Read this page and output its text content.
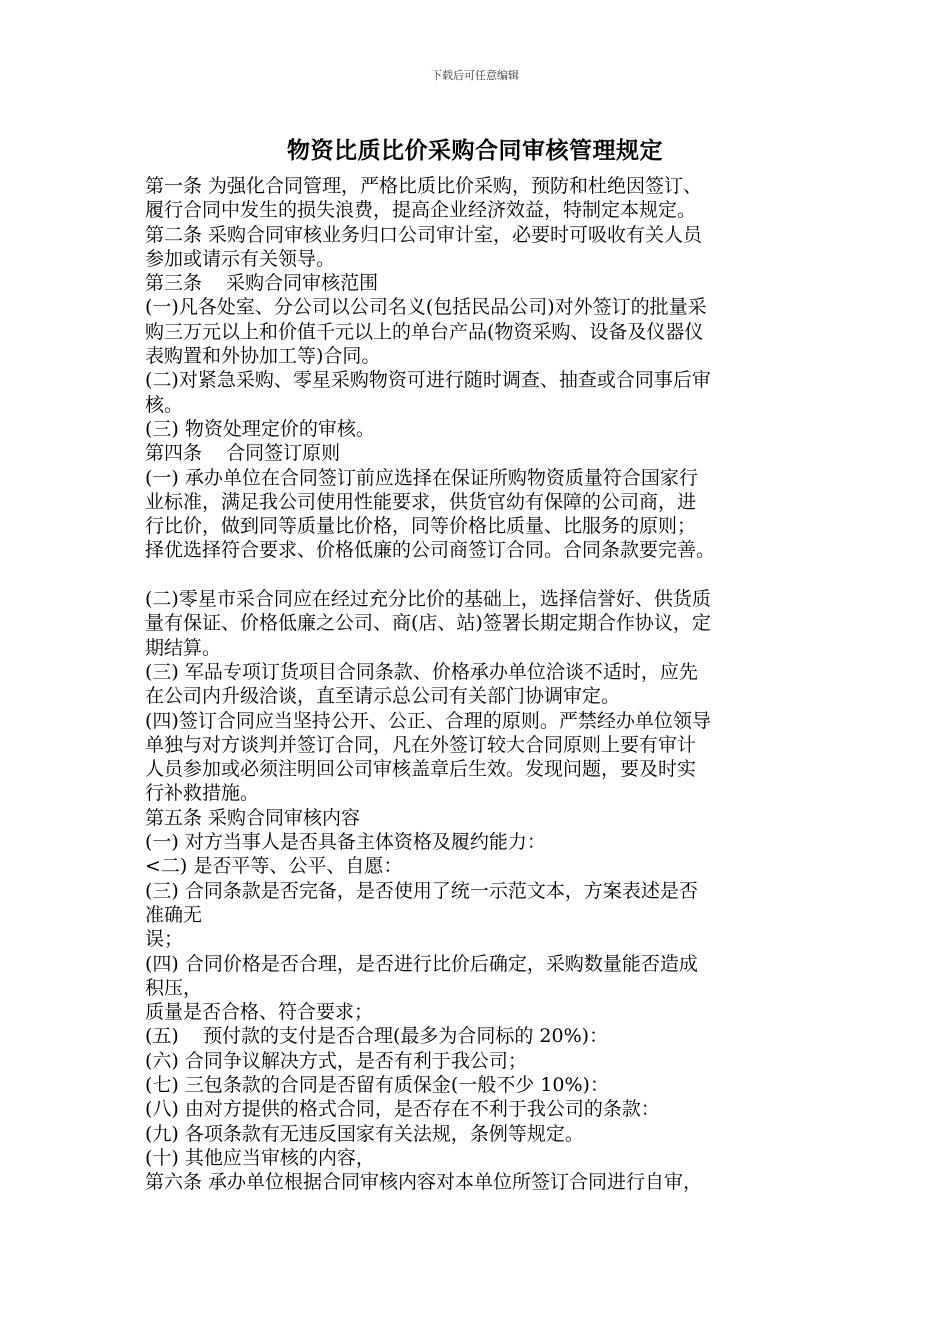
下载后可任意编辑
物资比质比价采购合同审核管理规定
第一条 为强化合同管理，严格比质比价采购，预防和杜绝因签订、
履行合同中发生的损失浪费，提高企业经济效益，特制定本规定。
第二条 采购合同审核业务归口公司审计室，必要时可吸收有关人员
参加或请示有关领导。
第三条    采购合同审核范围
(一)凡各处室、分公司以公司名义(包括民品公司)对外签订的批量采
购三万元以上和价值千元以上的单台产品(物资采购、设备及仪器仪
表购置和外协加工等)合同。
(二)对紧急采购、零星采购物资可进行随时调查、抽查或合同事后审
核。
(三) 物资处理定价的审核。
第四条    合同签订原则
(一) 承办单位在合同签订前应选择在保证所购物资质量符合国家行
业标准，满足我公司使用性能要求，供货官幼有保障的公司商，进
行比价，做到同等质量比价格，同等价格比质量、比服务的原则；
择优选择符合要求、价格低廉的公司商签订合同。合同条款要完善。
(二)零星市采合同应在经过充分比价的基础上，选择信誉好、供货质
量有保证、价格低廉之公司、商(店、站)签署长期定期合作协议，定
期结算。
(三) 军品专项订货项目合同条款、价格承办单位洽谈不适时，应先
在公司内升级洽谈，直至请示总公司有关部门协调审定。
(四)签订合同应当坚持公开、公正、合理的原则。严禁经办单位领导
单独与对方谈判并签订合同，凡在外签订较大合同原则上要有审计
人员参加或必须注明回公司审核盖章后生效。发现问题，要及时实
行补救措施。
第五条 采购合同审核内容
(一) 对方当事人是否具备主体资格及履约能力：
<二) 是否平等、公平、自愿：
(三) 合同条款是否完备，是否使用了统一示范文本，方案表述是否
准确无
误；
(四) 合同价格是否合理，是否进行比价后确定，采购数量能否造成
积压，
质量是否合格、符合要求；
(五)    预付款的支付是否合理(最多为合同标的 20%)：
(六) 合同争议解决方式，是否有利于我公司；
(七) 三包条款的合同是否留有质保金(一般不少 10%)：
(八) 由对方提供的格式合同，是否存在不利于我公司的条款：
(九) 各项条款有无违反国家有关法规，条例等规定。
(十) 其他应当审核的内容，
第六条 承办单位根据合同审核内容对本单位所签订合同进行自审，
